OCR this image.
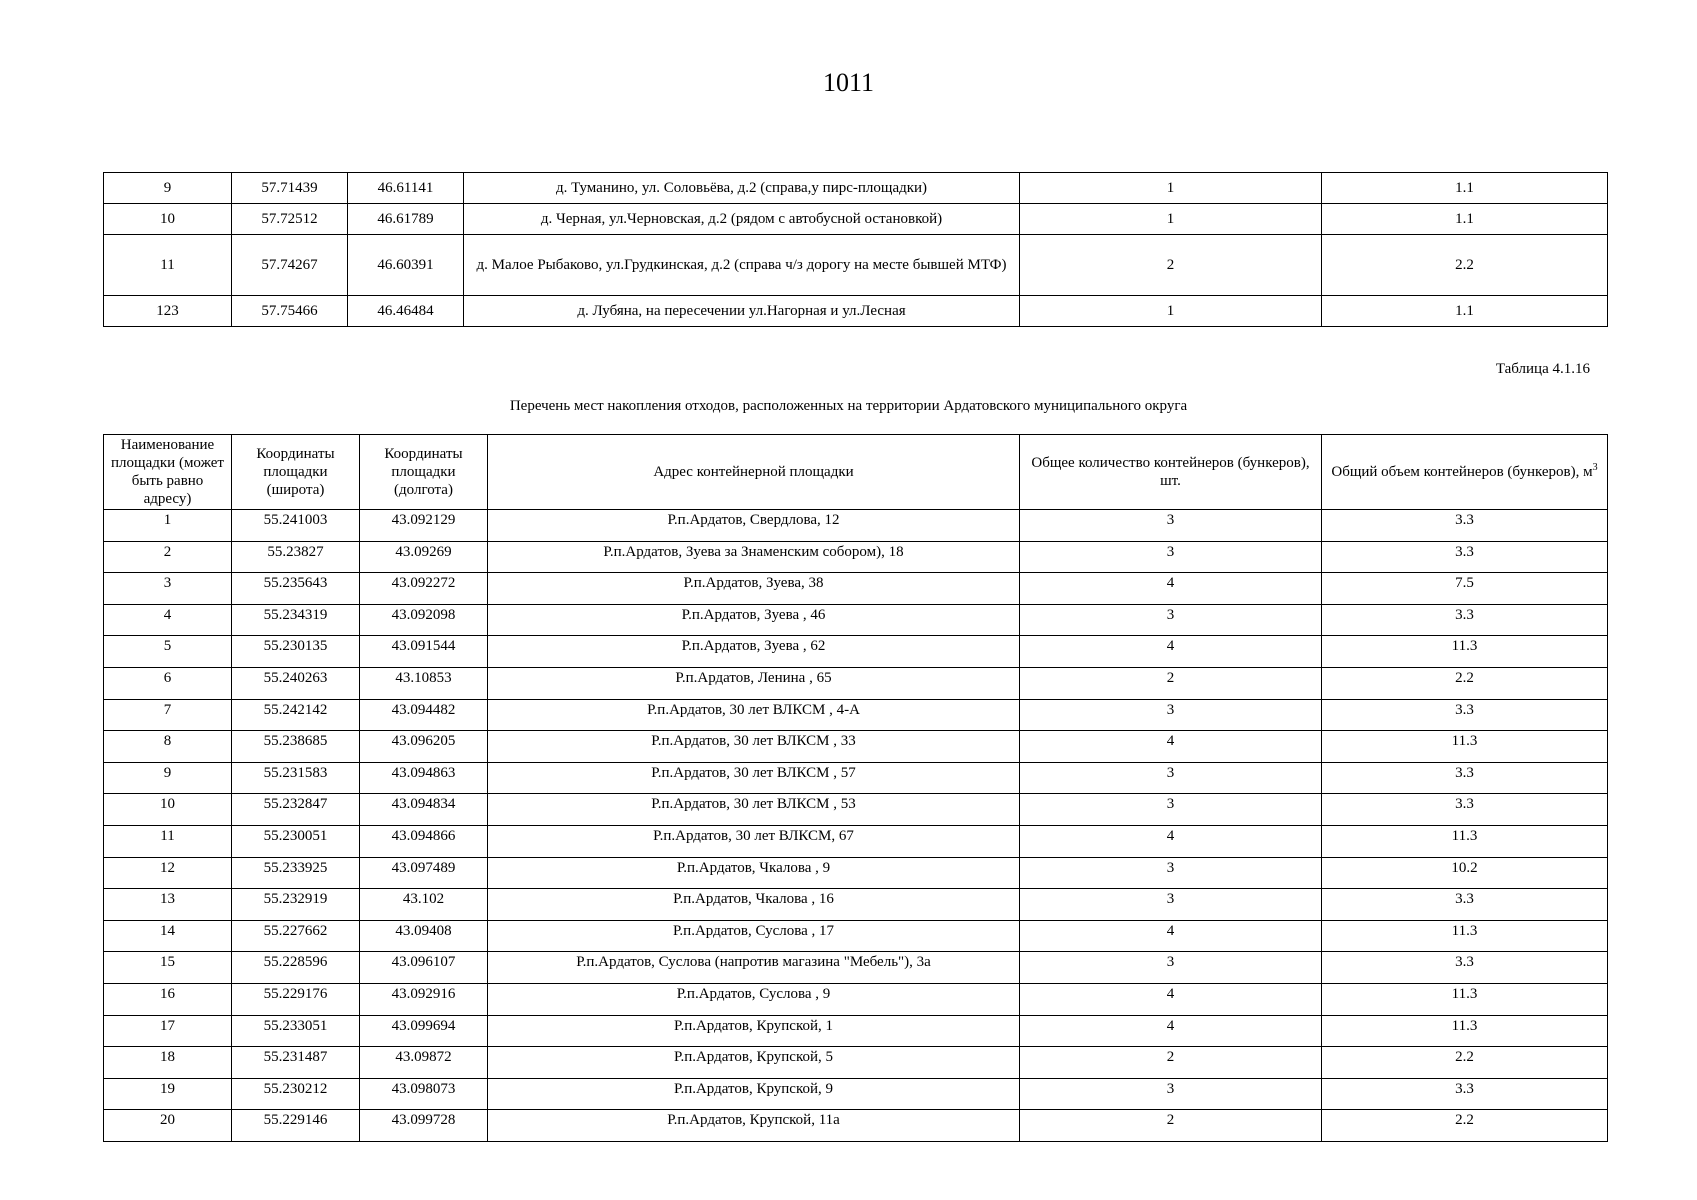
1011
9	57.71439	46.61141	д. Туманино, ул. Соловьёва, д.2 (справа,у пирс-площадки)	1	1.1
10	57.72512	46.61789	д. Черная, ул.Черновская, д.2 (рядом с автобусной остановкой)	1	1.1
11	57.74267	46.60391	д. Малое Рыбаково, ул.Грудкинская, д.2 (справа ч/з дорогу на месте бывшей МТФ)	2	2.2
123	57.75466	46.46484	д. Лубяна, на пересечении ул.Нагорная и ул.Лесная	1	1.1
Таблица 4.1.16
Перечень мест накопления отходов, расположенных на территории Ардатовского муниципального округа
Наименование площадки (может быть равно адресу)	Координаты площадки (широта)	Координаты площадки (долгота)	Адрес контейнерной площадки	Общее количество контейнеров (бункеров), шт.	Общий объем контейнеров (бункеров), $м^3$
1	55.241003	43.092129	Р.п.Ардатов, Свердлова, 12	3	3.3
2	55.23827	43.09269	Р.п.Ардатов, Зуева за Знаменским собором), 18	3	3.3
3	55.235643	43.092272	Р.п.Ардатов, Зуева, 38	4	7.5
4	55.234319	43.092098	Р.п.Ардатов, Зуева , 46	3	3.3
5	55.230135	43.091544	Р.п.Ардатов, Зуева , 62	4	11.3
6	55.240263	43.10853	Р.п.Ардатов, Ленина , 65	2	2.2
7	55.242142	43.094482	Р.п.Ардатов, 30 лет ВЛКСМ , 4-А	3	3.3
8	55.238685	43.096205	Р.п.Ардатов, 30 лет ВЛКСМ , 33	4	11.3
9	55.231583	43.094863	Р.п.Ардатов, 30 лет ВЛКСМ , 57	3	3.3
10	55.232847	43.094834	Р.п.Ардатов, 30 лет ВЛКСМ , 53	3	3.3
11	55.230051	43.094866	Р.п.Ардатов, 30 лет ВЛКСМ, 67	4	11.3
12	55.233925	43.097489	Р.п.Ардатов, Чкалова , 9	3	10.2
13	55.232919	43.102	Р.п.Ардатов, Чкалова , 16	3	3.3
14	55.227662	43.09408	Р.п.Ардатов, Суслова , 17	4	11.3
15	55.228596	43.096107	Р.п.Ардатов, Суслова (напротив магазина "Мебель"), 3а	3	3.3
16	55.229176	43.092916	Р.п.Ардатов, Суслова , 9	4	11.3
17	55.233051	43.099694	Р.п.Ардатов, Крупской, 1	4	11.3
18	55.231487	43.09872	Р.п.Ардатов, Крупской, 5	2	2.2
19	55.230212	43.098073	Р.п.Ардатов, Крупской, 9	3	3.3
20	55.229146	43.099728	Р.п.Ардатов, Крупской, 11а	2	2.2
